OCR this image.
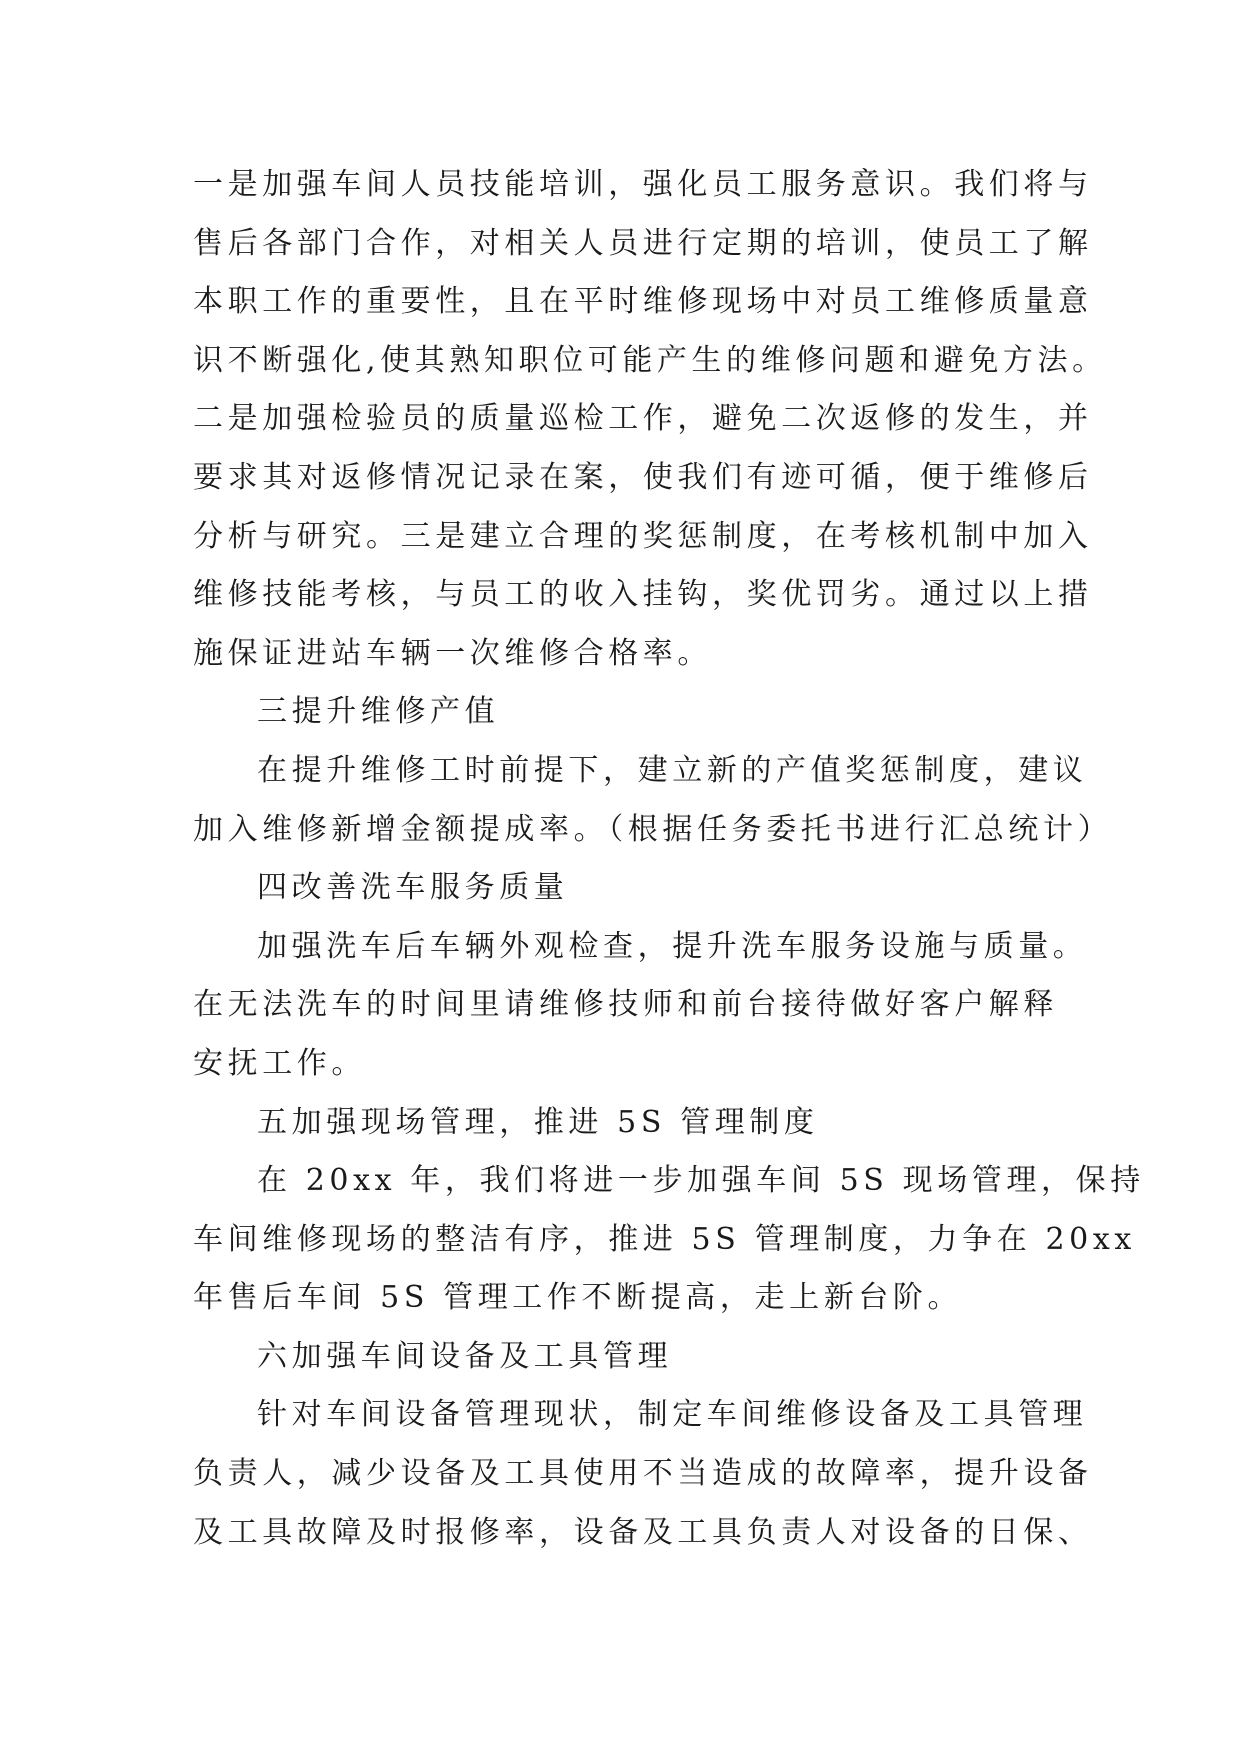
一是加强车间人员技能培训，强化员工服务意识。我们将与
售后各部门合作，对相关人员进行定期的培训，使员工了解
本职工作的重要性，且在平时维修现场中对员工维修质量意
识不断强化,使其熟知职位可能产生的维修问题和避免方法。
二是加强检验员的质量巡检工作，避免二次返修的发生，并
要求其对返修情况记录在案，使我们有迹可循，便于维修后
分析与研究。三是建立合理的奖惩制度，在考核机制中加入
维修技能考核，与员工的收入挂钩，奖优罚劣。通过以上措
施保证进站车辆一次维修合格率。
三提升维修产值
在提升维修工时前提下，建立新的产值奖惩制度，建议
加入维修新增金额提成率。（根据任务委托书进行汇总统计）
四改善洗车服务质量
加强洗车后车辆外观检查，提升洗车服务设施与质量。
在无法洗车的时间里请维修技师和前台接待做好客户解释
安抚工作。
五加强现场管理，推进 5S 管理制度
在 20xx 年，我们将进一步加强车间 5S 现场管理，保持
车间维修现场的整洁有序，推进 5S 管理制度，力争在 20xx
年售后车间 5S 管理工作不断提高，走上新台阶。
六加强车间设备及工具管理
针对车间设备管理现状，制定车间维修设备及工具管理
负责人，减少设备及工具使用不当造成的故障率，提升设备
及工具故障及时报修率，设备及工具负责人对设备的日保、
